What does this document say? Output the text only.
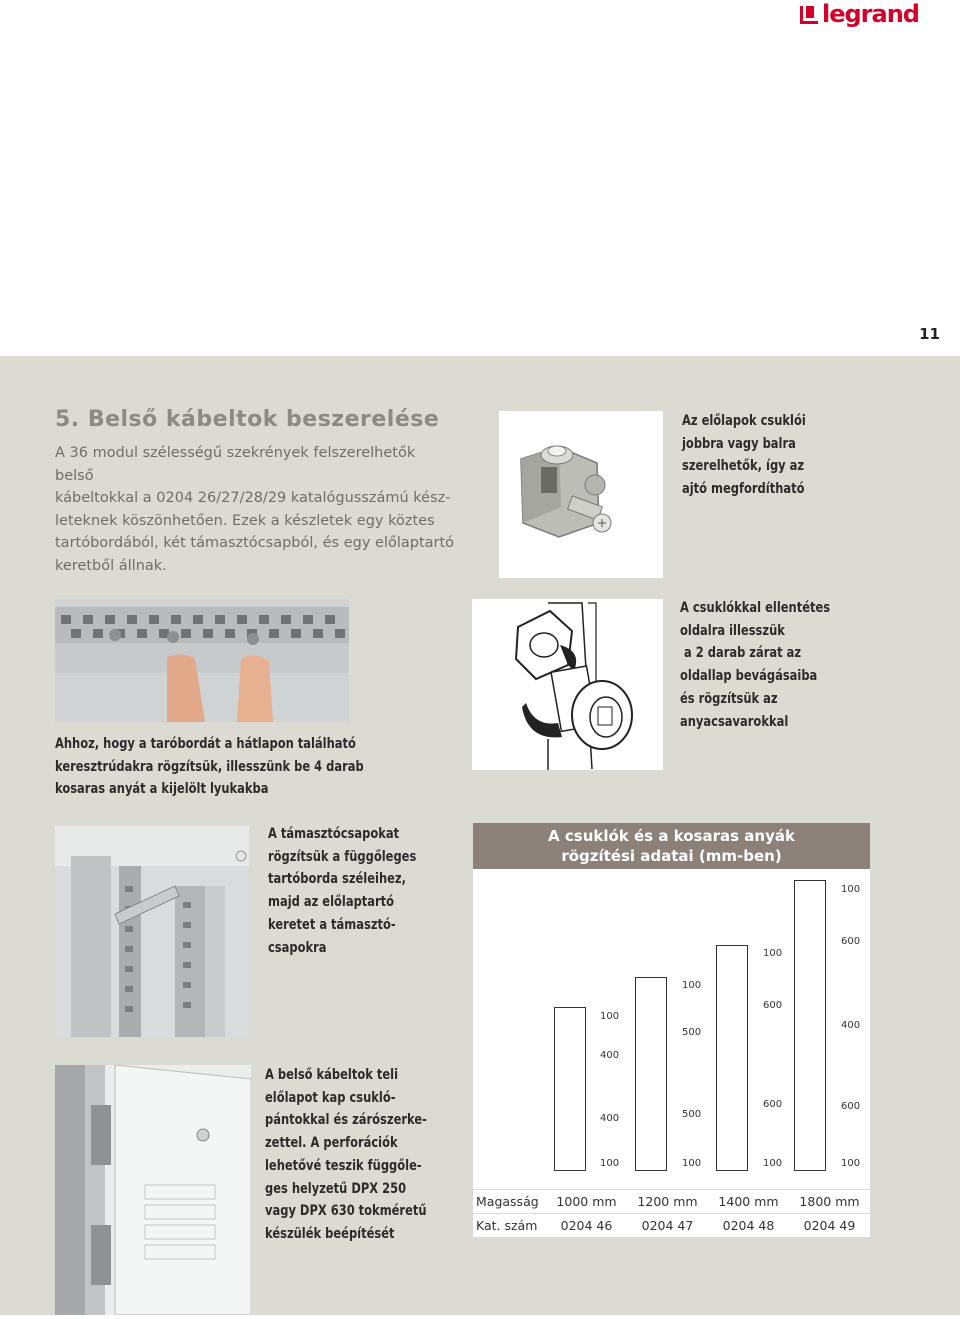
legrand
11
5. Belső kábeltok beszerelése
A 36 modul szélességű szekrények felszerelhetők belső
kábeltokkal a 0204 26/27/28/29 katalógusszámú kész-
leteknek köszönhetően. Ezek a készletek egy köztes
tartóbordából, két támasztócsapból, és egy előlaptartó
keretből állnak.
Az előlapok csuklói
jobbra vagy balra
szerelhetők, így az
ajtó megfordítható
Ahhoz, hogy a taróbordát a hátlapon található
keresztrúdakra rögzítsük, illesszünk be 4 darab
kosaras anyát a kijelölt lyukakba
A csuklókkal ellentétes
oldalra illesszük
a 2 darab zárat az
oldallap bevágásaiba
és rögzítsük az
anyacsavarokkal
A támasztócsapokat
rögzítsük a függőleges
tartóborda széleihez,
majd az előlaptartó
keretet a támasztó-
csapokra
A belső kábeltok teli
előlapot kap csukló-
pántokkal és zárószerke-
zettel. A perforációk
lehetővé teszik függőle-
ges helyzetű DPX 250
vagy DPX 630 tokméretű
készülék beépítését
A csuklók és a kosaras anyák
rögzítési adatai (mm-ben)
100
400
400
100
100
500
500
100
100
600
600
100
100
600
400
600
100
Magasság	1000 mm	1200 mm	1400 mm	1800 mm
Kat. szám	0204 46	0204 47	0204 48	0204 49
